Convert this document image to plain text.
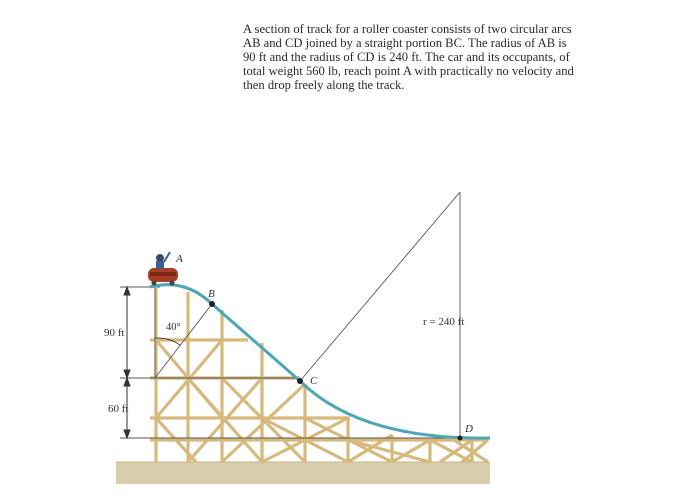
A section of track for a roller coaster consists of two circular arcs
AB and CD joined by a straight portion BC. The radius of AB is
90 ft and the radius of CD is 240 ft. The car and its occupants, of
total weight 560 lb, reach point A with practically no velocity and
then drop freely along the track.
A
B
C
D
40°	r = 240 ft
90 ft
60 ft
